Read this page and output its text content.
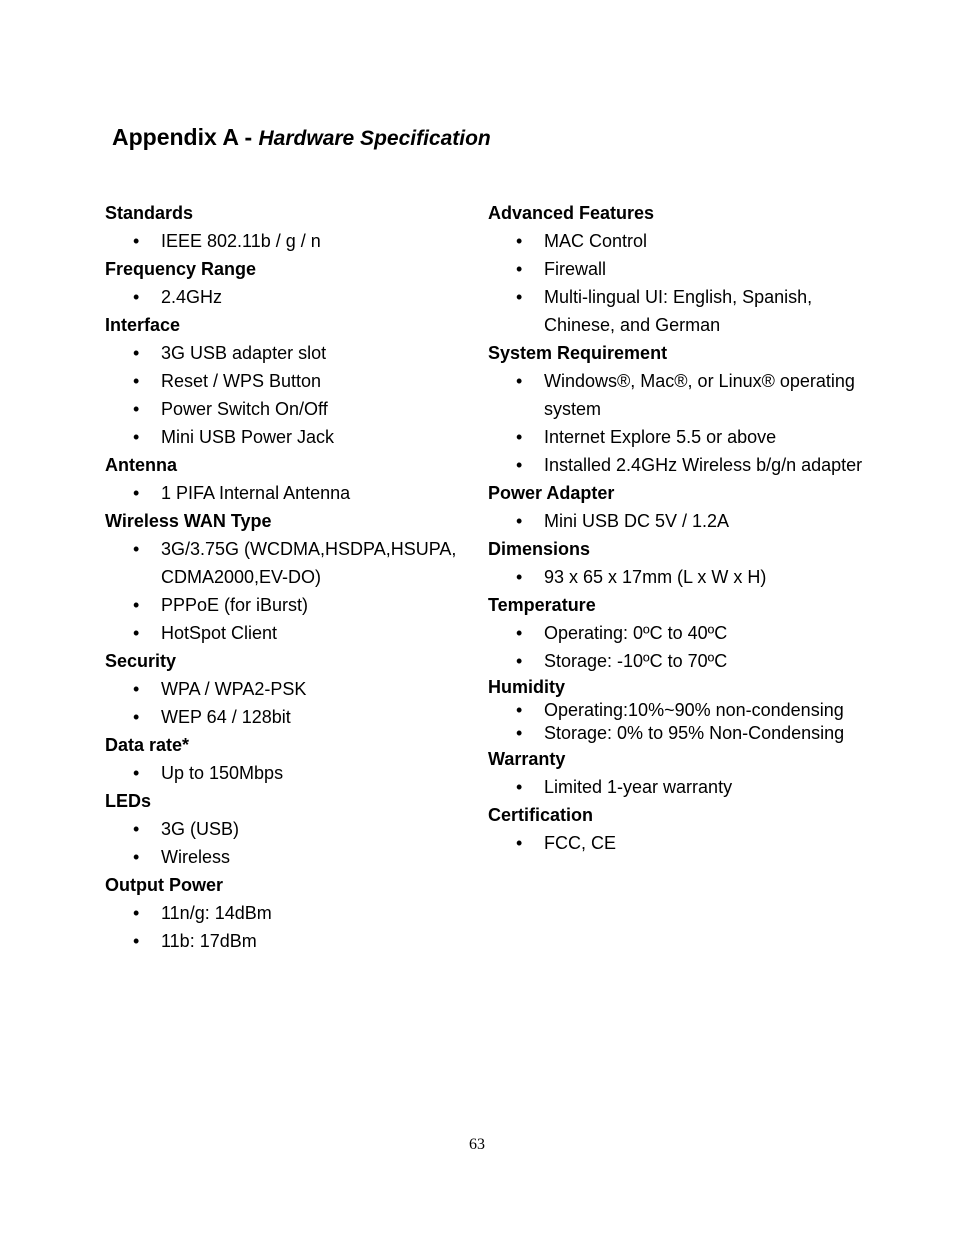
Appendix A - Hardware Specification
Standards
• IEEE 802.11b / g / n
Frequency Range
• 2.4GHz
Interface
• 3G USB adapter slot
• Reset / WPS Button
• Power Switch On/Off
• Mini USB Power Jack
Antenna
• 1 PIFA Internal Antenna
Wireless WAN Type
• 3G/3.75G (WCDMA,HSDPA,HSUPA, CDMA2000,EV-DO)
• PPPoE (for iBurst)
• HotSpot Client
Security
• WPA / WPA2-PSK
• WEP 64 / 128bit
Data rate*
• Up to 150Mbps
LEDs
• 3G (USB)
• Wireless
Output Power
• 11n/g: 14dBm
• 11b: 17dBm
Advanced Features
• MAC Control
• Firewall
• Multi-lingual UI: English, Spanish, Chinese, and German
System Requirement
• Windows®, Mac®, or Linux® operating system
• Internet Explore 5.5 or above
• Installed 2.4GHz Wireless b/g/n adapter
Power Adapter
• Mini USB DC 5V / 1.2A
Dimensions
• 93 x 65 x 17mm (L x W x H)
Temperature
• Operating: 0ºC to 40ºC
• Storage: -10ºC to 70ºC
Humidity
• Operating:10%~90% non-condensing
• Storage: 0% to 95% Non-Condensing
Warranty
• Limited 1-year warranty
Certification
• FCC, CE
63
